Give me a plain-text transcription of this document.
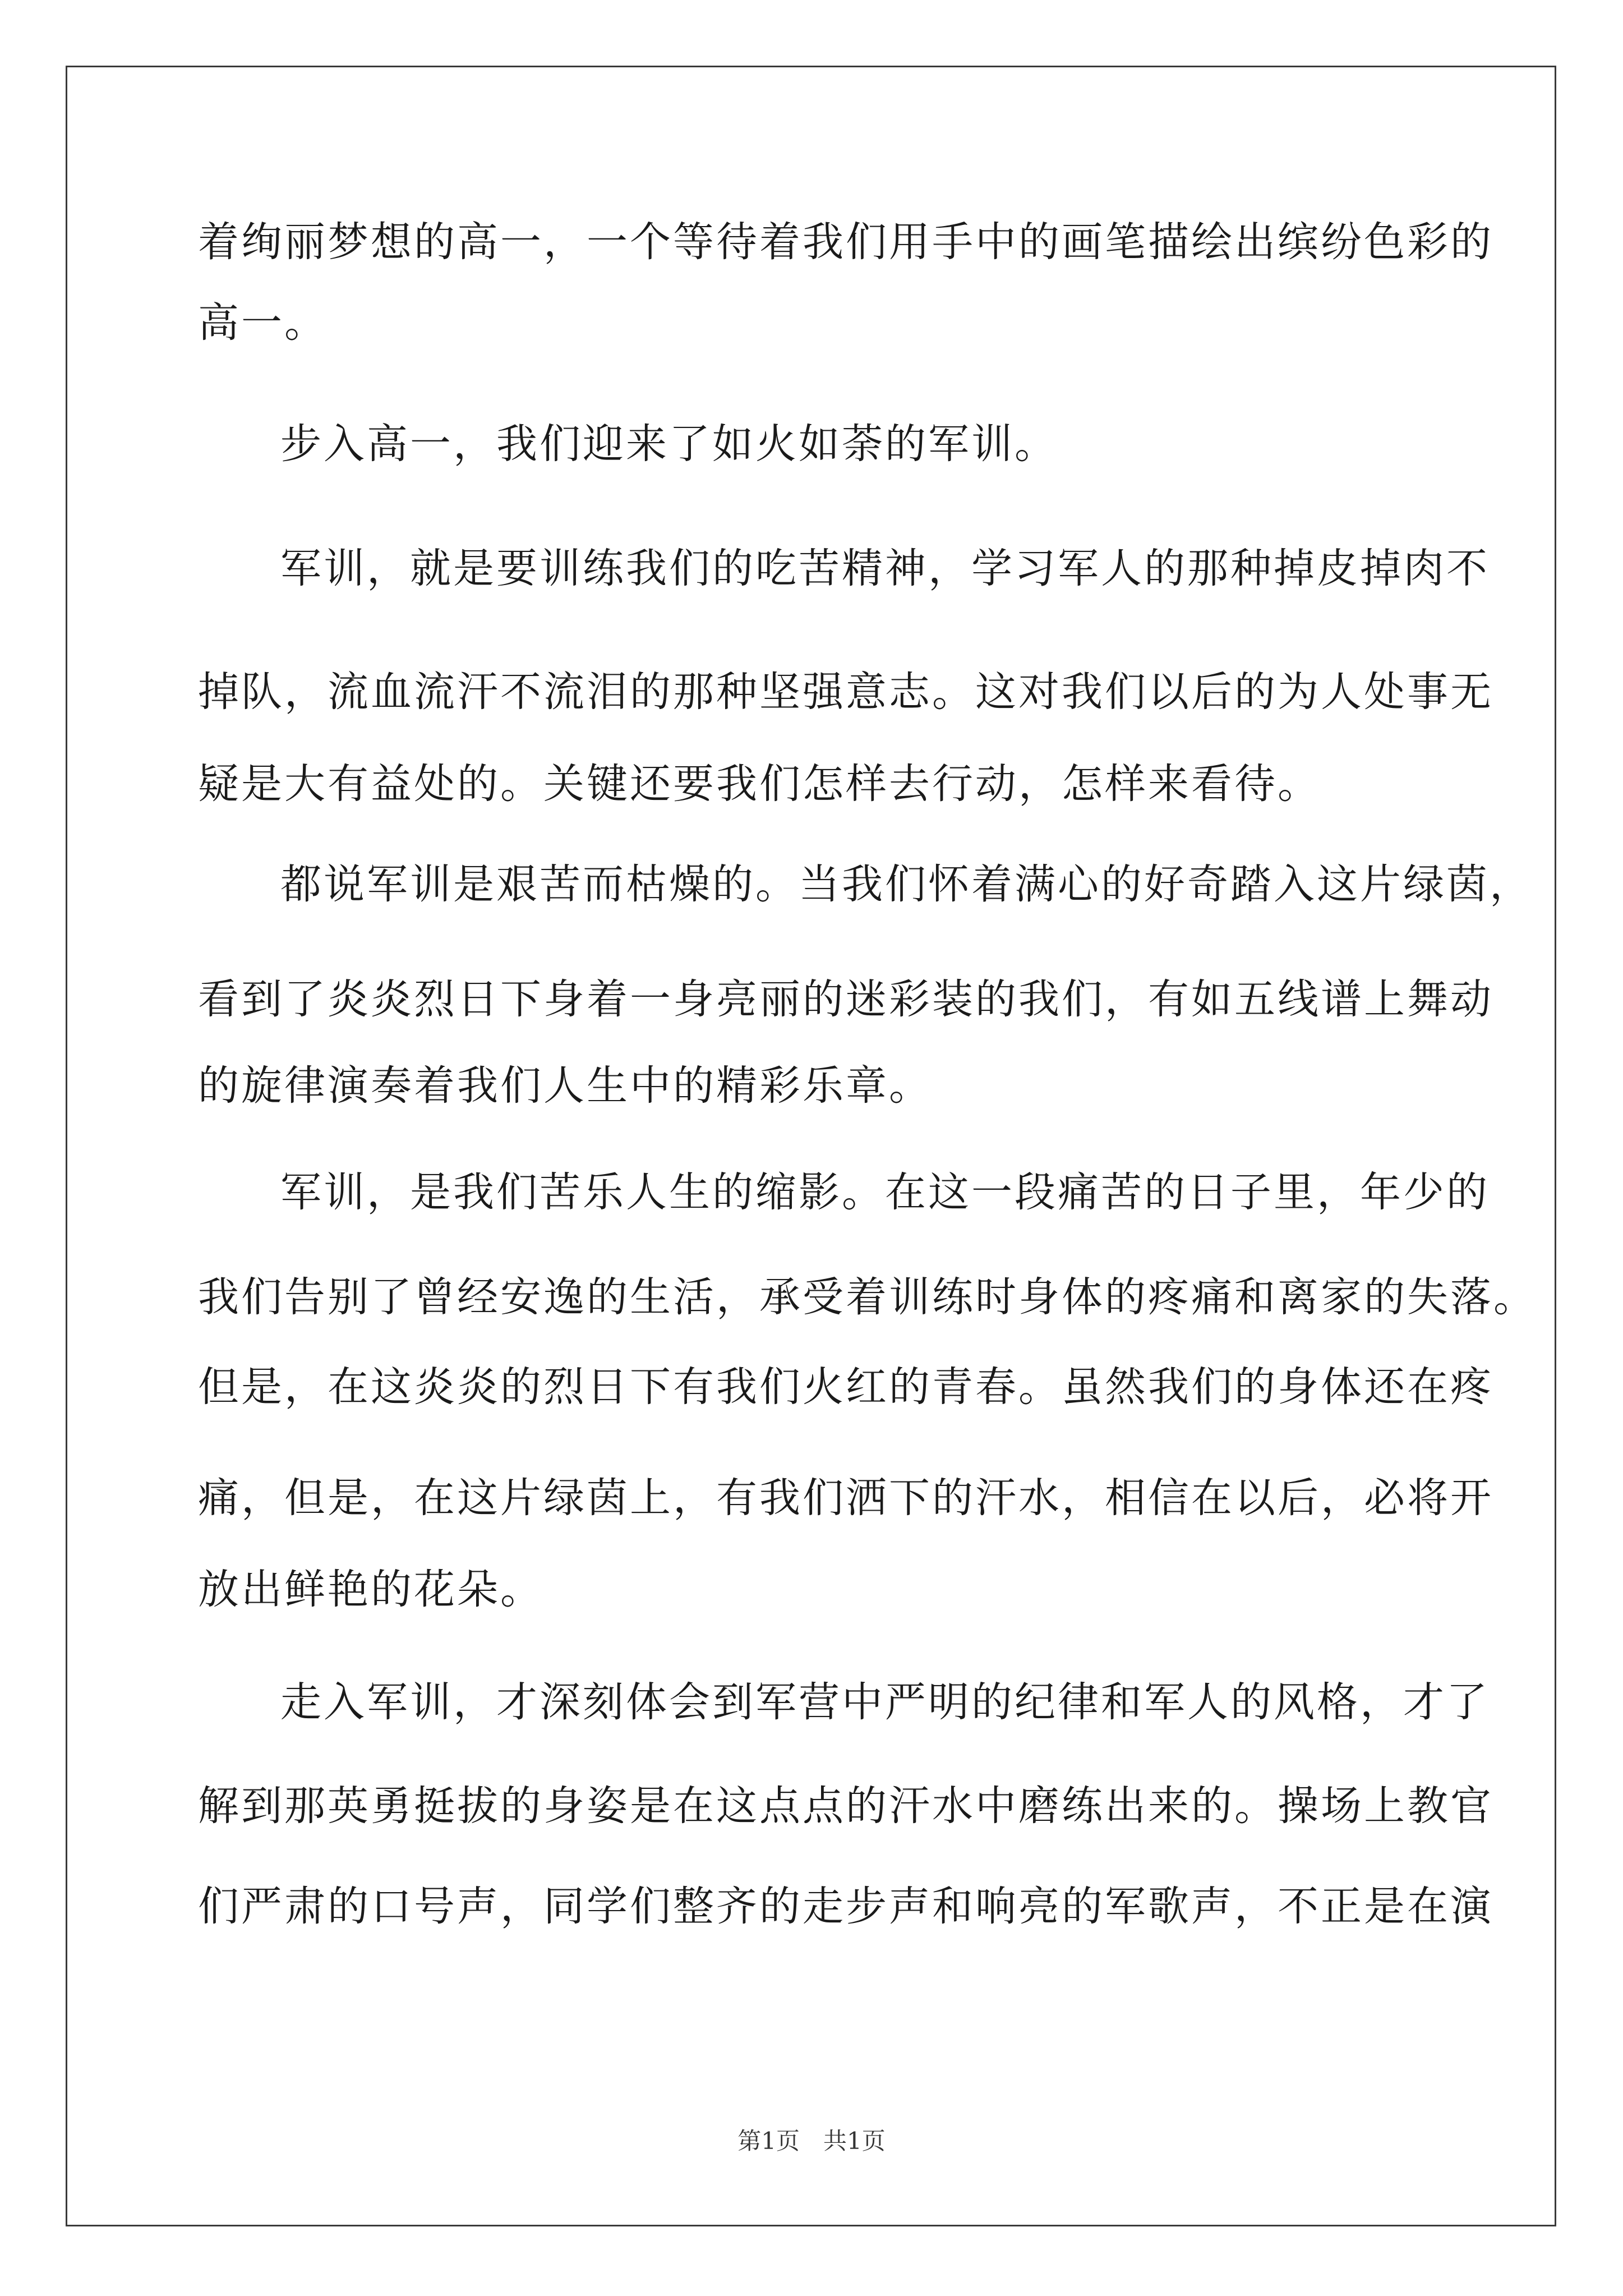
着绚丽梦想的高一，一个等待着我们用手中的画笔描绘出缤纷色彩的

高一。

步入高一，我们迎来了如火如荼的军训。

军训，就是要训练我们的吃苦精神，学习军人的那种掉皮掉肉不

掉队，流血流汗不流泪的那种坚强意志。这对我们以后的为人处事无

疑是大有益处的。关键还要我们怎样去行动，怎样来看待。

都说军训是艰苦而枯燥的。当我们怀着满心的好奇踏入这片绿茵，

看到了炎炎烈日下身着一身亮丽的迷彩装的我们，有如五线谱上舞动

的旋律演奏着我们人生中的精彩乐章。

军训，是我们苦乐人生的缩影。在这一段痛苦的日子里，年少的

我们告别了曾经安逸的生活，承受着训练时身体的疼痛和离家的失落。

但是，在这炎炎的烈日下有我们火红的青春。虽然我们的身体还在疼

痛，但是，在这片绿茵上，有我们洒下的汗水，相信在以后，必将开

放出鲜艳的花朵。

走入军训，才深刻体会到军营中严明的纪律和军人的风格，才了

解到那英勇挺拔的身姿是在这点点的汗水中磨练出来的。操场上教官

们严肃的口号声，同学们整齐的走步声和响亮的军歌声，不正是在演

第1页　共1页
